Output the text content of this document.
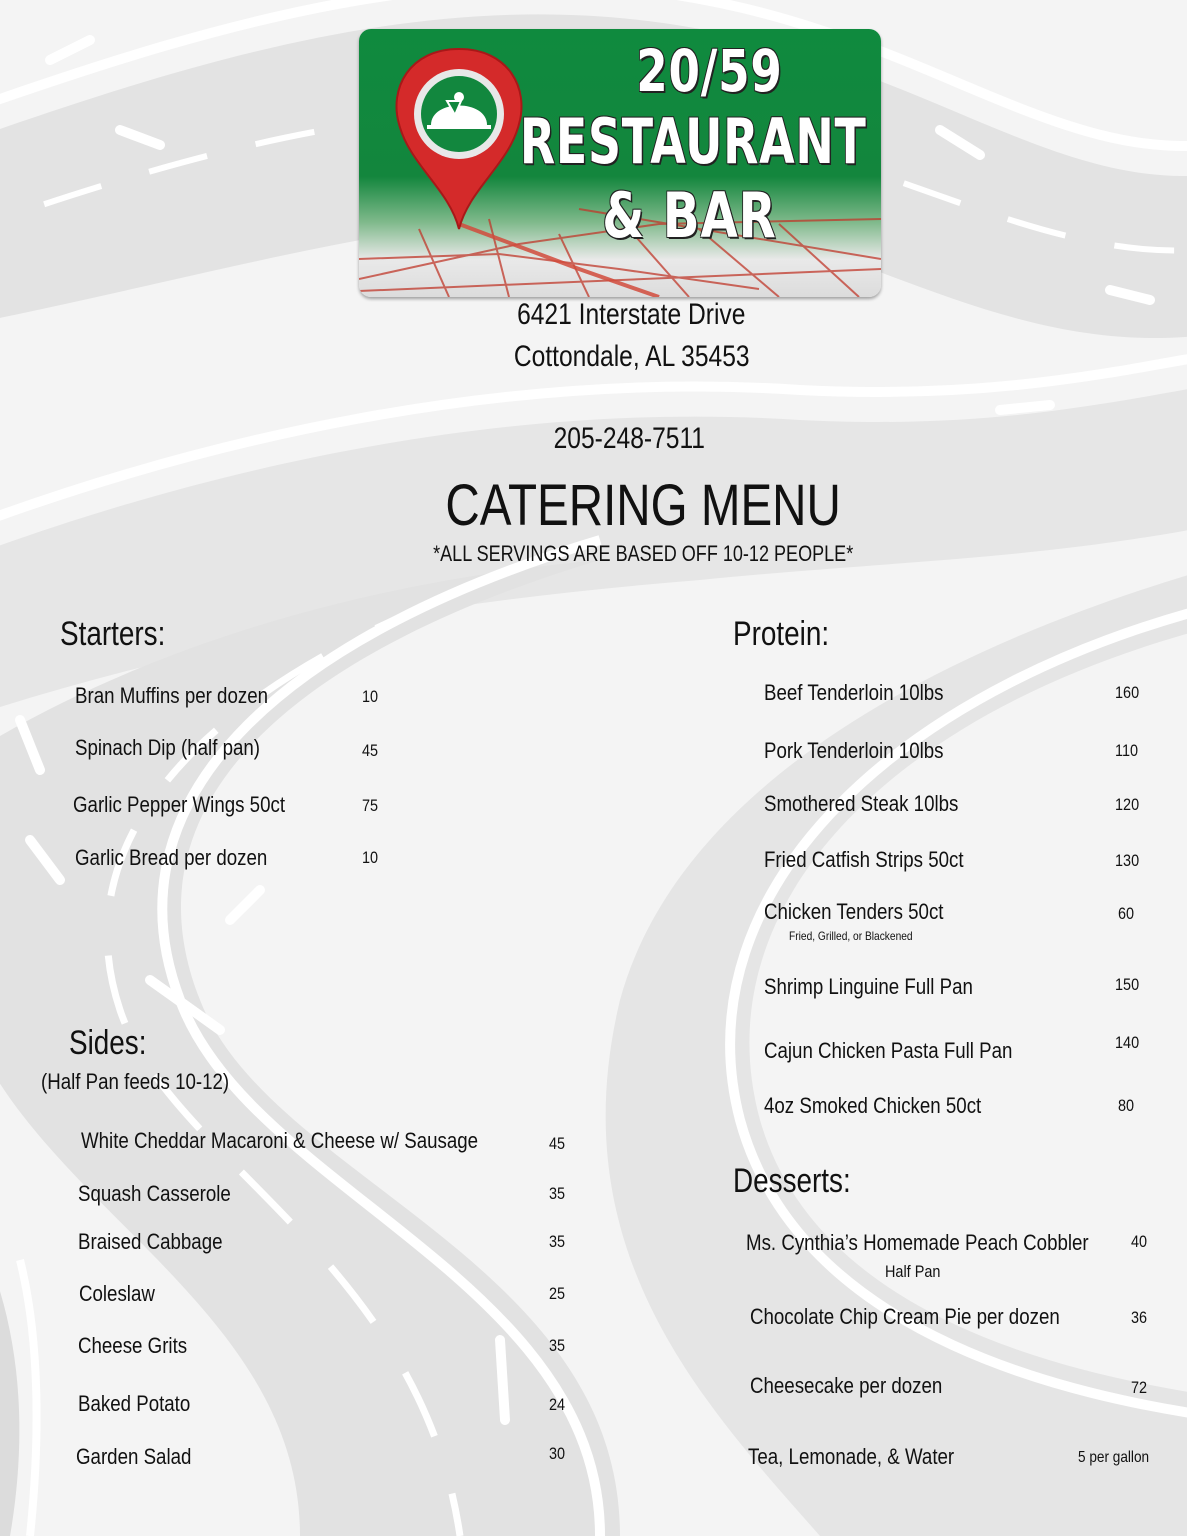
20/59
RESTAURANT
& BAR
6421 Interstate Drive
Cottondale, AL 35453
205-248-7511
CATERING MENU
*ALL SERVINGS ARE BASED OFF 10-12 PEOPLE*
Starters:
Bran Muffins per dozen	10
Spinach Dip (half pan)	45
Garlic Pepper Wings 50ct	75
Garlic Bread per dozen	10
Sides:
(Half Pan feeds 10-12)
White Cheddar Macaroni & Cheese w/ Sausage	45
Squash Casserole	35
Braised Cabbage	35
Coleslaw	25
Cheese Grits	35
Baked Potato	24
Garden Salad	30
Protein:
Beef Tenderloin 10lbs	160
Pork Tenderloin 10lbs	110
Smothered Steak 10lbs	120
Fried Catfish Strips 50ct	130
Chicken Tenders 50ct	60
Fried, Grilled, or Blackened
Shrimp Linguine Full Pan	150
Cajun Chicken Pasta Full Pan	140
4oz Smoked Chicken 50ct	80
Desserts:
Ms. Cynthia’s Homemade Peach Cobbler 40
Half Pan
Chocolate Chip Cream Pie per dozen	36
Cheesecake per dozen	72
Tea, Lemonade, & Water	5 per gallon
